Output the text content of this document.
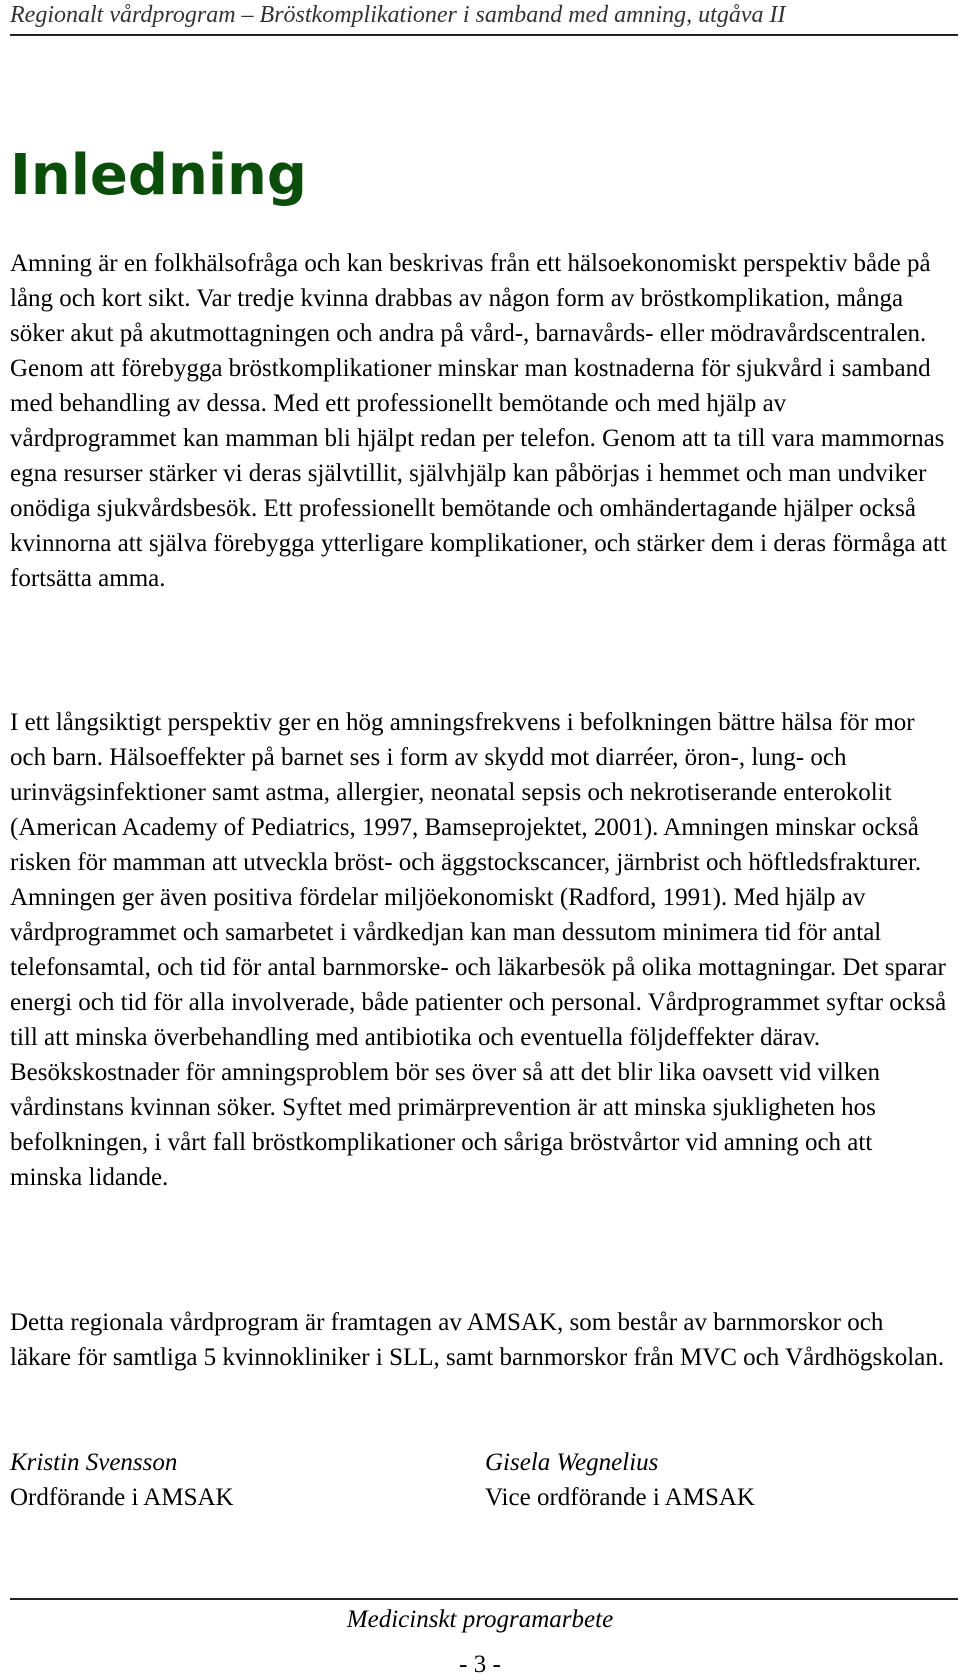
Regionalt vårdprogram – Bröstkomplikationer i samband med amning, utgåva II
Inledning

Amning är en folkhälsofråga och kan beskrivas från ett hälsoekonomiskt perspektiv både på lång och kort sikt. Var tredje kvinna drabbas av någon form av bröstkomplikation, många söker akut på akutmottagningen och andra på vård-, barnavårds- eller mödravårdscentralen. Genom att förebygga bröstkomplikationer minskar man kostnaderna för sjukvård i samband med behandling av dessa. Med ett professionellt bemötande och med hjälp av vårdprogrammet kan mamman bli hjälpt redan per telefon. Genom att ta till vara mammornas egna resurser stärker vi deras självtillit, självhjälp kan påbörjas i hemmet och man undviker onödiga sjukvårdsbesök. Ett professionellt bemötande och omhändertagande hjälper också kvinnorna att själva förebygga ytterligare komplikationer, och stärker dem i deras förmåga att fortsätta amma.

I ett långsiktigt perspektiv ger en hög amningsfrekvens i befolkningen bättre hälsa för mor och barn. Hälsoeffekter på barnet ses i form av skydd mot diarréer, öron-, lung- och urinvägsinfektioner samt astma, allergier, neonatal sepsis och nekrotiserande enterokolit (American Academy of Pediatrics, 1997, Bamseprojektet, 2001). Amningen minskar också risken för mamman att utveckla bröst- och äggstockscancer, järnbrist och höftledsfrakturer. Amningen ger även positiva fördelar miljöekonomiskt (Radford, 1991). Med hjälp av vårdprogrammet och samarbetet i vårdkedjan kan man dessutom minimera tid för antal telefonsamtal, och tid för antal barnmorske- och läkarbesök på olika mottagningar. Det sparar energi och tid för alla involverade, både patienter och personal. Vårdprogrammet syftar också till att minska överbehandling med antibiotika och eventuella följdeffekter därav. Besökskostnader för amningsproblem bör ses över så att det blir lika oavsett vid vilken vårdinstans kvinnan söker. Syftet med primärprevention är att minska sjukligheten hos befolkningen, i vårt fall bröstkomplikationer och såriga bröstvårtor vid amning och att minska lidande.

Detta regionala vårdprogram är framtagen av AMSAK, som består av barnmorskor och läkare för samtliga 5 kvinnokliniker i SLL, samt barnmorskor från MVC och Vårdhögskolan.

Kristin Svensson
Ordförande i AMSAK
Gisela Wegnelius
Vice ordförande i AMSAK
Medicinskt programarbete
- 3 -
